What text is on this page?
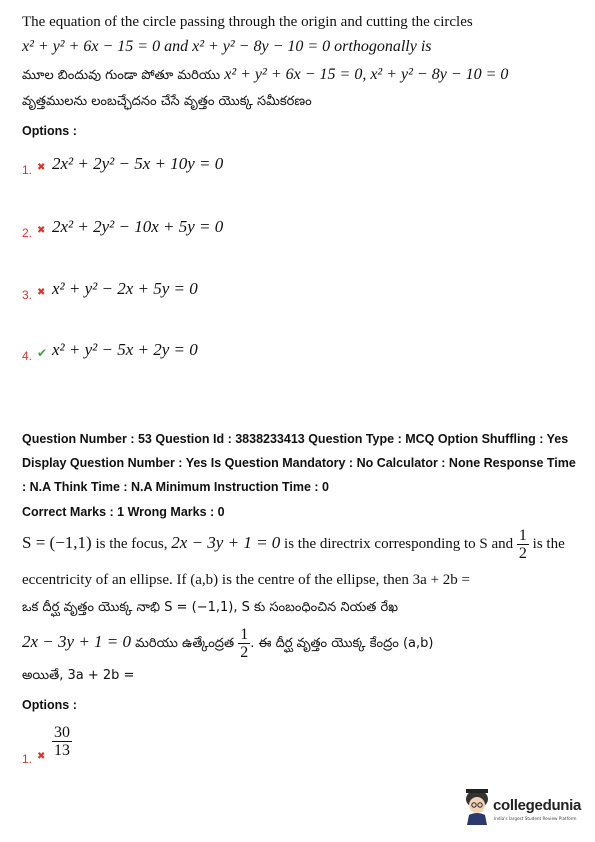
The equation of the circle passing through the origin and cutting the circles
x² + y² + 6x − 15 = 0 and x² + y² − 8y − 10 = 0 orthogonally is
మూల బిందువు గుండా పోతూ మరియు x² + y² + 6x − 15 = 0, x² + y² − 8y − 10 = 0
వృత్తములను లంబచ్ఛేదనం చేసే వృత్తం యొక్క సమీకరణం
Options :
1. ✖ 2x² + 2y² − 5x + 10y = 0
2. ✖ 2x² + 2y² − 10x + 5y = 0
3. ✖ x² + y² − 2x + 5y = 0
4. ✔ x² + y² − 5x + 2y = 0
Question Number : 53 Question Id : 3838233413 Question Type : MCQ Option Shuffling : Yes
Display Question Number : Yes Is Question Mandatory : No Calculator : None Response Time
: N.A Think Time : N.A Minimum Instruction Time : 0
Correct Marks : 1 Wrong Marks : 0
S = (−1,1) is the focus, 2x − 3y + 1 = 0 is the directrix corresponding to S and $\frac{1}{2}$ is the
eccentricity of an ellipse. If (a,b) is the centre of the ellipse, then 3a + 2b =
ఒక దీర్ఘ వృత్తం యొక్క నాభి S = (−1,1), S కు సంబంధించిన నియత రేఖ
2x − 3y + 1 = 0 మరియు ఉత్కేంద్రత $\frac{1}{2}$ . ఈ దీర్ఘ వృత్తం యొక్క కేంద్రం (a,b)
అయితే, 3a + 2b =
Options :
1. ✖ $\frac{30}{13}$
collegedunia
India's largest Student Review Platform
